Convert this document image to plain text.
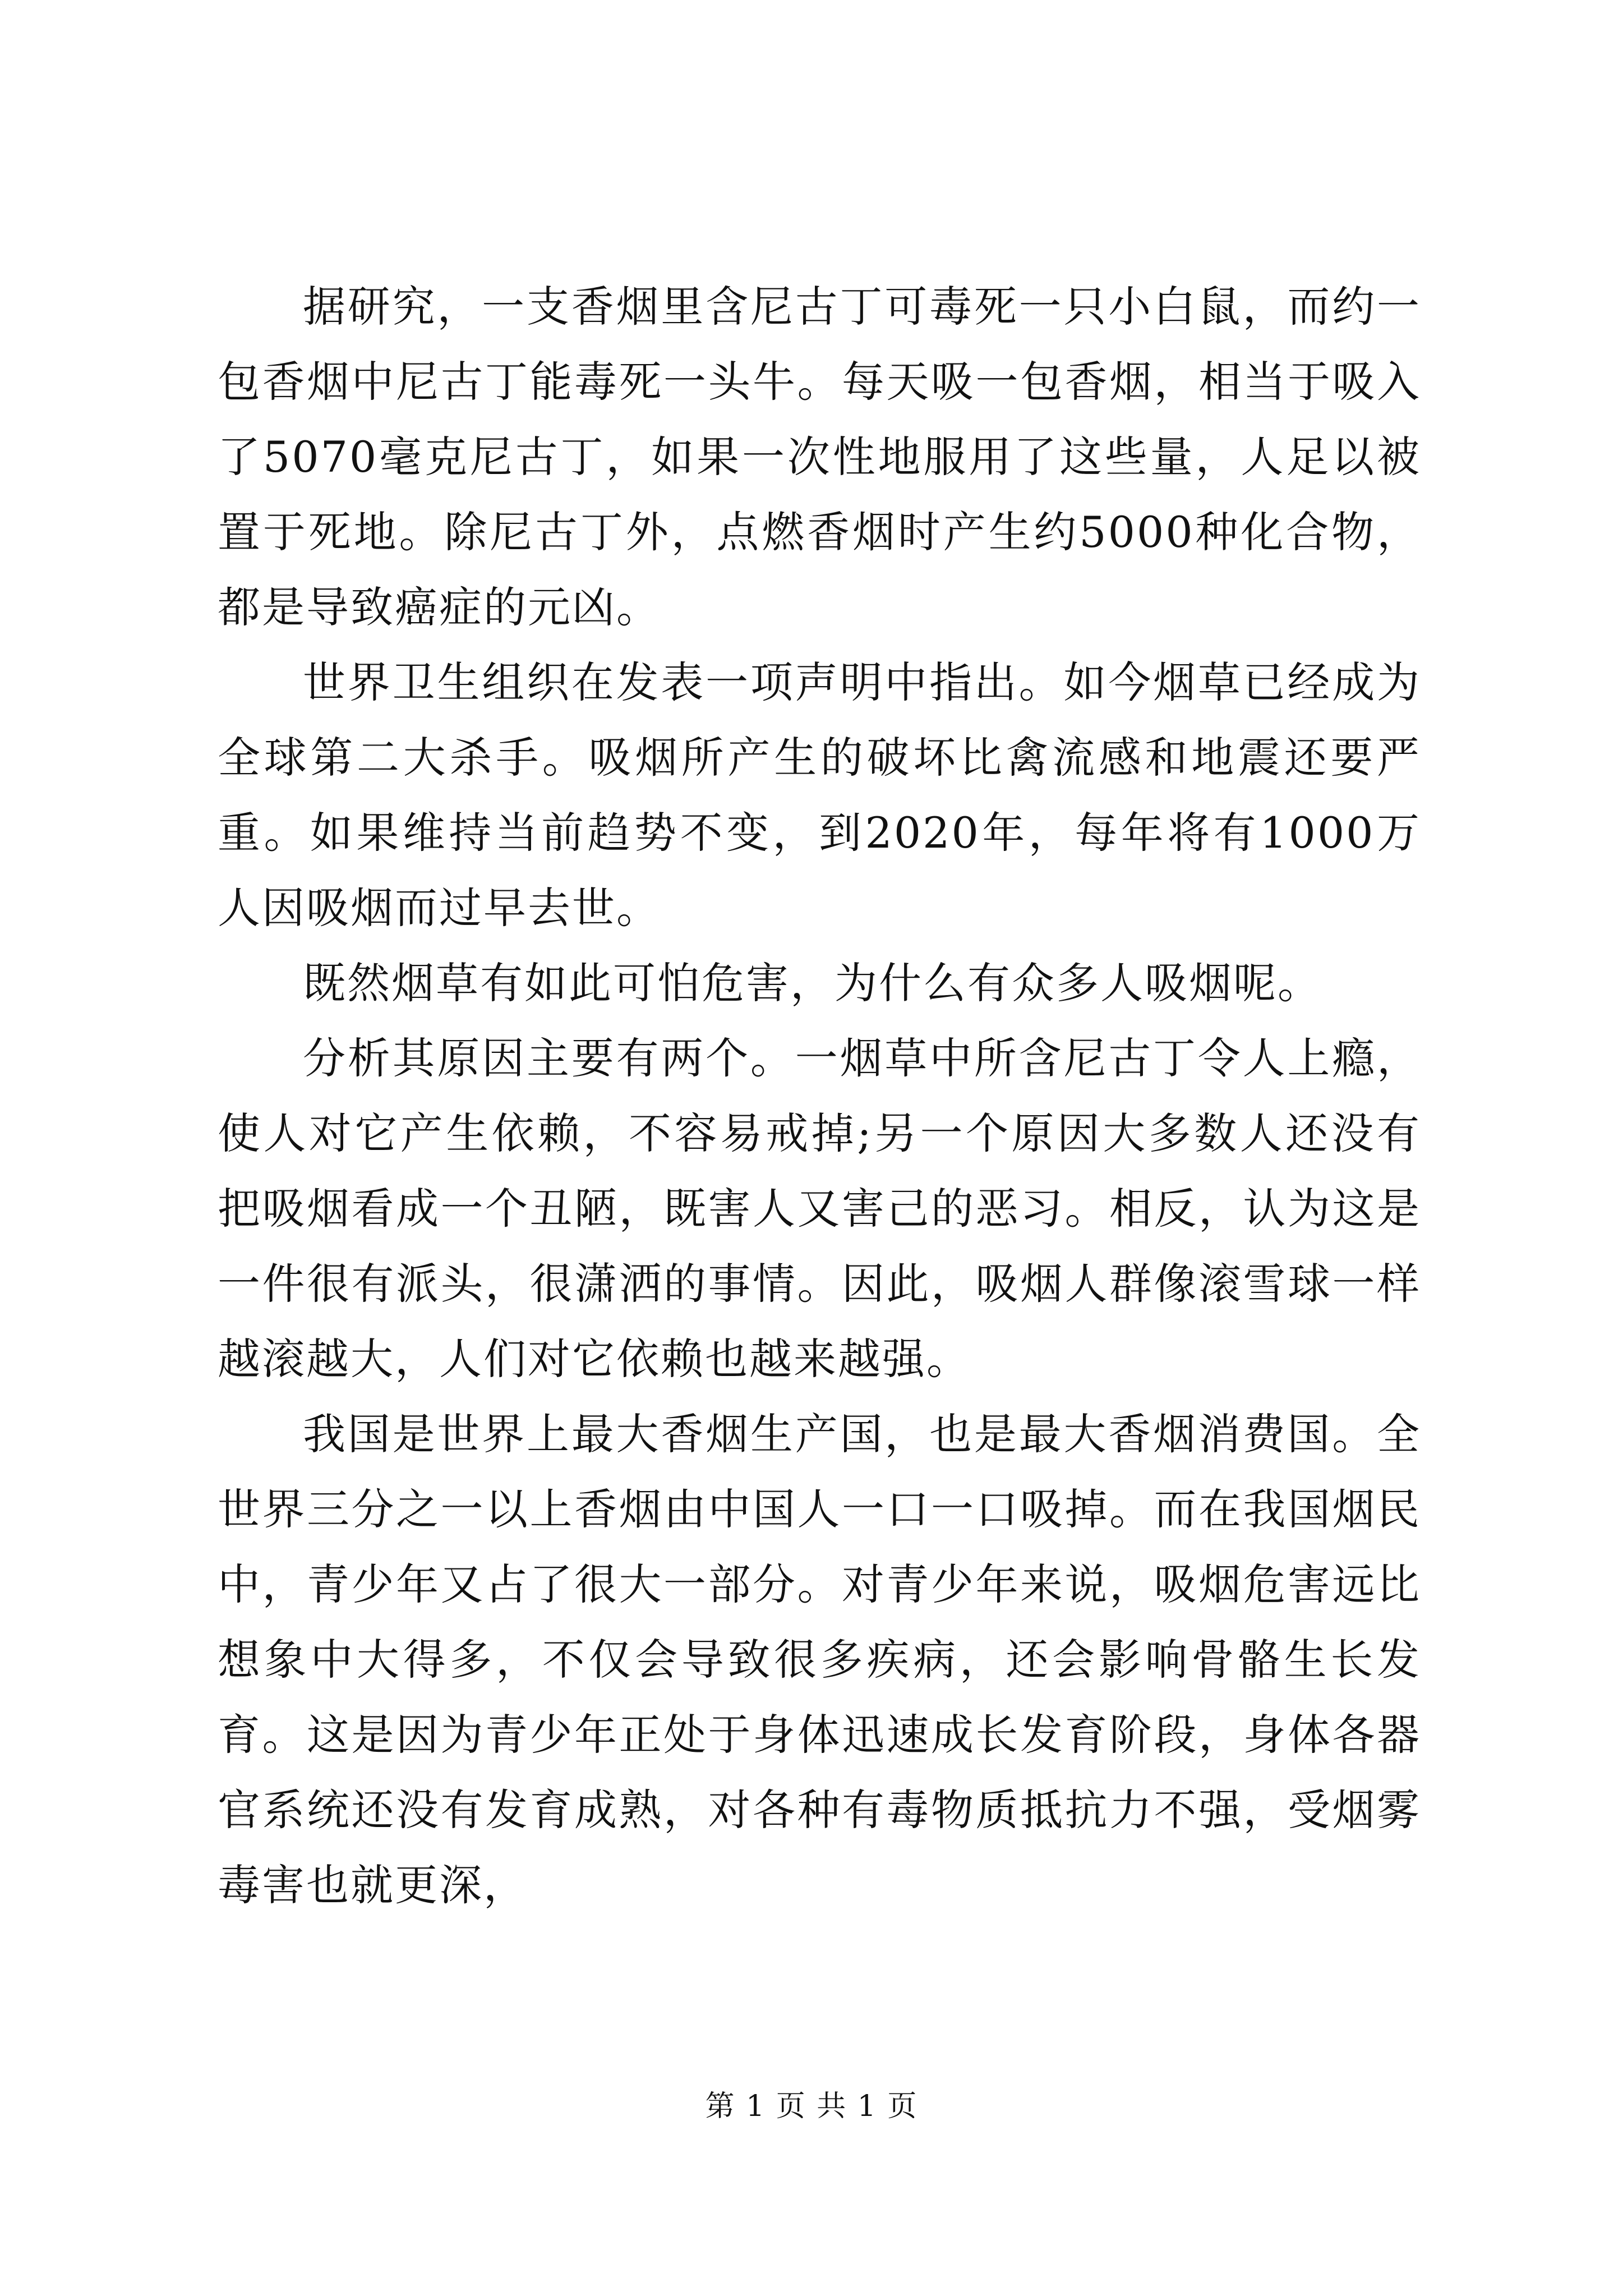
据研究，一支香烟里含尼古丁可毒死一只小白鼠，而约一包香烟中尼古丁能毒死一头牛。每天吸一包香烟，相当于吸入了5070毫克尼古丁，如果一次性地服用了这些量，人足以被置于死地。除尼古丁外，点燃香烟时产生约5000种化合物，都是导致癌症的元凶。

世界卫生组织在发表一项声明中指出。如今烟草已经成为全球第二大杀手。吸烟所产生的破坏比禽流感和地震还要严重。如果维持当前趋势不变，到2020年，每年将有1000万人因吸烟而过早去世。

既然烟草有如此可怕危害，为什么有众多人吸烟呢。

分析其原因主要有两个。一烟草中所含尼古丁令人上瘾，使人对它产生依赖，不容易戒掉;另一个原因大多数人还没有把吸烟看成一个丑陋，既害人又害己的恶习。相反，认为这是一件很有派头，很潇洒的事情。因此，吸烟人群像滚雪球一样越滚越大，人们对它依赖也越来越强。

我国是世界上最大香烟生产国，也是最大香烟消费国。全世界三分之一以上香烟由中国人一口一口吸掉。而在我国烟民中，青少年又占了很大一部分。对青少年来说，吸烟危害远比想象中大得多，不仅会导致很多疾病，还会影响骨骼生长发育。这是因为青少年正处于身体迅速成长发育阶段，身体各器官系统还没有发育成熟，对各种有毒物质抵抗力不强，受烟雾毒害也就更深，

第 1 页 共 1 页
